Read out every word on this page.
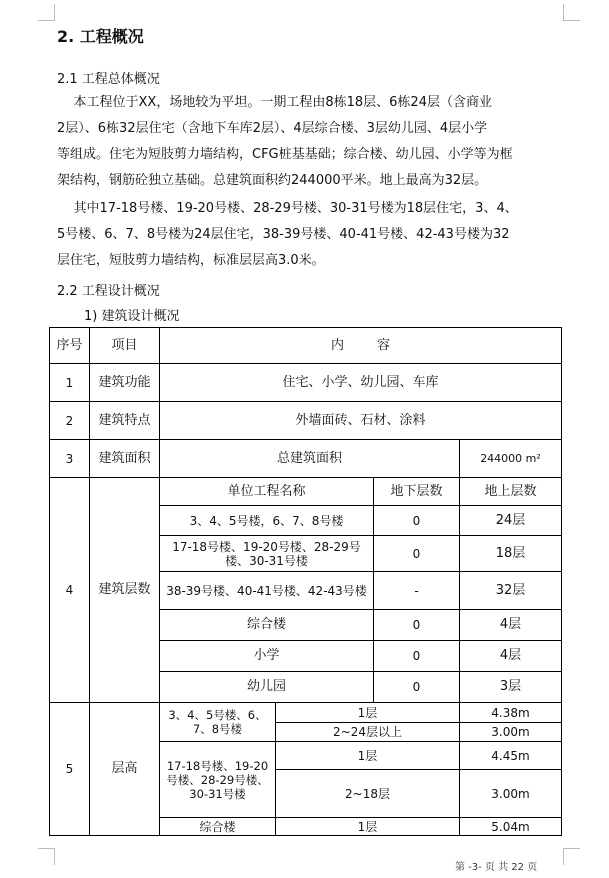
2. 工程概况
2.1 工程总体概况
本工程位于XX，场地较为平坦。一期工程由8栋18层、6栋24层（含商业
2层）、6栋32层住宅（含地下车库2层）、4层综合楼、3层幼儿园、4层小学
等组成。住宅为短肢剪力墙结构，CFG桩基基础；综合楼、幼儿园、小学等为框
架结构，钢筋砼独立基础。总建筑面积约244000平米。地上最高为32层。
其中17-18号楼、19-20号楼、28-29号楼、30-31号楼为18层住宅，3、4、
5号楼、6、7、8号楼为24层住宅，38-39号楼、40-41号楼、42-43号楼为32
层住宅，短肢剪力墙结构，标准层层高3.0米。
2.2 工程设计概况
1) 建筑设计概况
序号	项目	内        容			
1	建筑功能	住宅、小学、幼儿园、车库			
2	建筑特点	外墙面砖、石材、涂料			
3	建筑面积	总建筑面积			244000 m²
4	建筑层数	单位工程名称		地下层数	地上层数
		3、4、5号楼，6、7、8号楼		0	24层
		17-18号楼、19-20号楼、28-29号楼、30-31号楼		0	18层
		38-39号楼、40-41号楼、42-43号楼		-	32层
		综合楼		0	4层
		小学		0	4层
		幼儿园		0	3层
5	层高	3、4、5号楼、6、7、8号楼	1层		4.38m
			2~24层以上		3.00m
		17-18号楼、19-20号楼、28-29号楼、30-31号楼	1层		4.45m
			2~18层		3.00m
		综合楼	1层		5.04m
第 -3- 页 共 22 页
